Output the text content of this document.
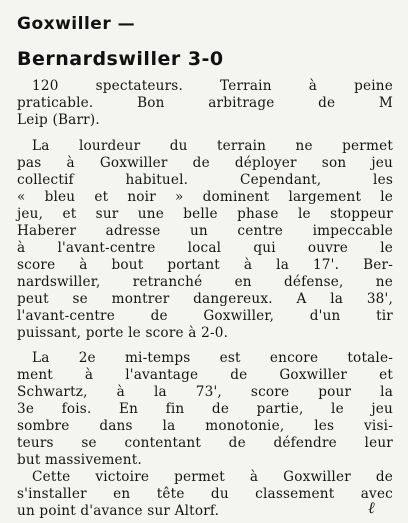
Goxwiller —
Bernardswiller 3-0
120 spectateurs. Terrain à peine
praticable. Bon arbitrage de M
Leip (Barr).
La lourdeur du terrain ne permet
pas à Goxwiller de déployer son jeu
collectif habituel. Cependant, les
« bleu et noir » dominent largement le
jeu, et sur une belle phase le stoppeur
Haberer adresse un centre impeccable
à l'avant-centre local qui ouvre le
score à bout portant à la 17'. Ber-
nardswiller, retranché en défense, ne
peut se montrer dangereux. A la 38',
l'avant-centre de Goxwiller, d'un tir
puissant, porte le score à 2-0.
La 2e mi-temps est encore totale-
ment à l'avantage de Goxwiller et
Schwartz, à la 73', score pour la
3e fois. En fin de partie, le jeu
sombre dans la monotonie, les visi-
teurs se contentant de défendre leur
but massivement.
Cette victoire permet à Goxwiller de
s'installer en tête du classement avec
un point d'avance sur Altorf.	ℓ
